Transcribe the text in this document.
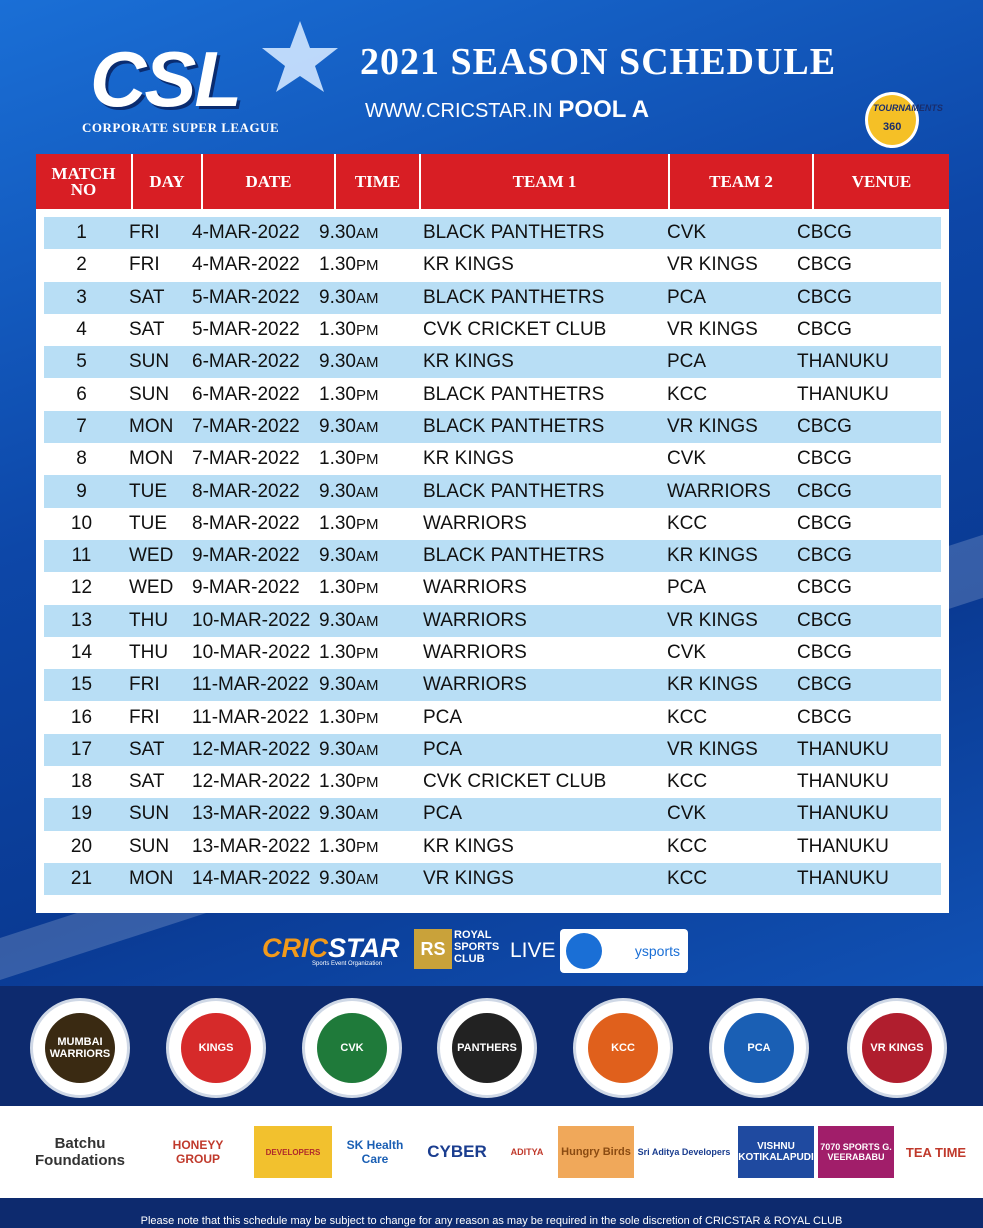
CSL
CORPORATE SUPER LEAGUE
2021 SEASON SCHEDULE
WWW.CRICSTAR.IN POOL A	TOURNAMENTS
360
MATCH
NO	DAY	DATE	TIME	TEAM 1	TEAM 2	VENUE
1	FRI	4-MAR-2022	9.30AM	BLACK PANTHETRS	CVK	CBCG
2	FRI	4-MAR-2022	1.30PM	KR KINGS	VR KINGS	CBCG
3	SAT	5-MAR-2022	9.30AM	BLACK PANTHETRS	PCA	CBCG
4	SAT	5-MAR-2022	1.30PM	CVK CRICKET CLUB	VR KINGS	CBCG
5	SUN	6-MAR-2022	9.30AM	KR KINGS	PCA	THANUKU
6	SUN	6-MAR-2022	1.30PM	BLACK PANTHETRS	KCC	THANUKU
7	MON 7-MAR-2022	9.30AM	BLACK PANTHETRS	VR KINGS	CBCG
8	MON 7-MAR-2022	1.30PM	KR KINGS	CVK	CBCG
9	TUE	8-MAR-2022	9.30AM	BLACK PANTHETRS	WARRIORS	CBCG
10	TUE	8-MAR-2022	1.30PM	WARRIORS	KCC	CBCG
11	WED 9-MAR-2022	9.30AM	BLACK PANTHETRS	KR KINGS	CBCG
12	WED 9-MAR-2022	1.30PM	WARRIORS	PCA	CBCG
13	THU	10-MAR-2022 9.30AM	WARRIORS	VR KINGS	CBCG
14	THU	10-MAR-2022 1.30PM	WARRIORS	CVK	CBCG
15	FRI	11-MAR-2022 9.30AM	WARRIORS	KR KINGS	CBCG
16	FRI	11-MAR-2022 1.30PM	PCA	KCC	CBCG
17	SAT	12-MAR-2022 9.30AM	PCA	VR KINGS	THANUKU
18	SAT	12-MAR-2022 1.30PM	CVK CRICKET CLUB	KCC	THANUKU
19	SUN	13-MAR-2022 9.30AM	PCA	CVK	THANUKU
20	SUN	13-MAR-2022 1.30PM	KR KINGS	KCC	THANUKU
21	MON 14-MAR-2022 9.30AM	VR KINGS	KCC	THANUKU
CRICSTAR
Sports Event Organization
RS
ROYAL
SPORTS
CLUB	LIVE	ysports
MUMBAI WARRIORS	KINGS	CVK	PANTHERS	KCC	PCA	VR KINGS
Batchu Foundations
HONEYY GROUP	DEVELOPERS	SK Health Care	CYBER	ADITYA	Hungry Birds Sri Aditya Developers	VISHNU KOTIKALAPUDI
7070 SPORTS G. VEERABABU	TEA TIME
Please note that this schedule may be subject to change for any reason as may be required in the sole discretion of CRICSTAR & ROYAL CLUB
